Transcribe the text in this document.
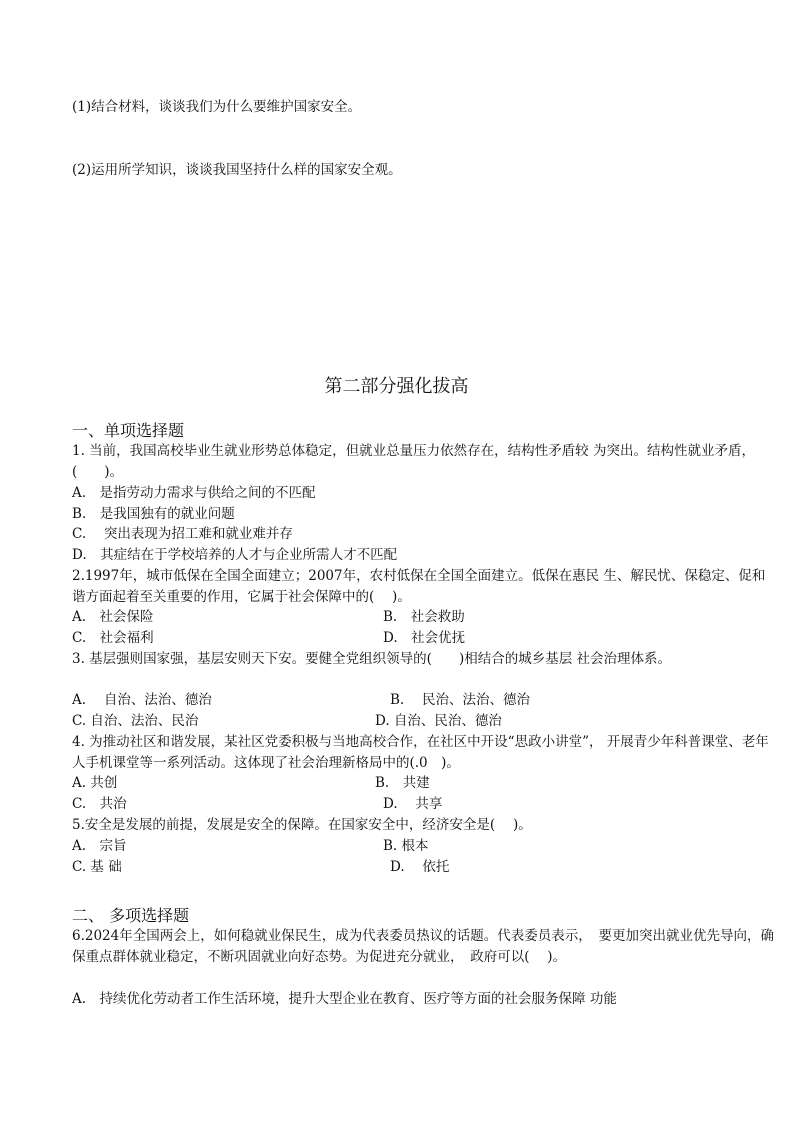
(1)结合材料，谈谈我们为什么要维护国家安全。
(2)运用所学知识，谈谈我国坚持什么样的国家安全观。
第二部分强化拔高
一、单项选择题
1. 当前，我国高校毕业生就业形势总体稳定，但就业总量压力依然存在，结构性矛盾较 为突出。结构性就业矛盾，(　　)。
A.　是指劳动力需求与供给之间的不匹配
B.　是我国独有的就业问题
C.　 突出表现为招工难和就业难并存
D.　其症结在于学校培养的人才与企业所需人才不匹配
2.1997年，城市低保在全国全面建立；2007年，农村低保在全国全面建立。低保在惠民 生、解民忧、保稳定、促和谐方面起着至关重要的作用，它属于社会保障中的(　 )。
A.　社会保险	B.　社会救助
C.　社会福利	D.　社会优抚
3. 基层强则国家强，基层安则天下安。要健全党组织领导的(　　)相结合的城乡基层 社会治理体系。
A.　 自治、法治、德治	B.　 民治、法治、德治
C. 自治、法治、民治	D. 自治、民治、德治
4. 为推动社区和谐发展，某社区党委积极与当地高校合作，在社区中开设“思政小讲堂”， 开展青少年科普课堂、老年人手机课堂等一系列活动。这体现了社会治理新格局中的(.0　)。
A. 共创	B.　共建
C.　共治	D.　 共享
5.安全是发展的前提，发展是安全的保障。在国家安全中，经济安全是(　 )。
A.　宗旨	B. 根本
C. 基 础	D.　 依托
二、 多项选择题
6.2024年全国两会上，如何稳就业保民生，成为代表委员热议的话题。代表委员表示，　要更加突出就业优先导向，确保重点群体就业稳定，不断巩固就业向好态势。为促进充分就业，　政府可以(　 )。
A.　持续优化劳动者工作生活环境，提升大型企业在教育、医疗等方面的社会服务保障 功能
